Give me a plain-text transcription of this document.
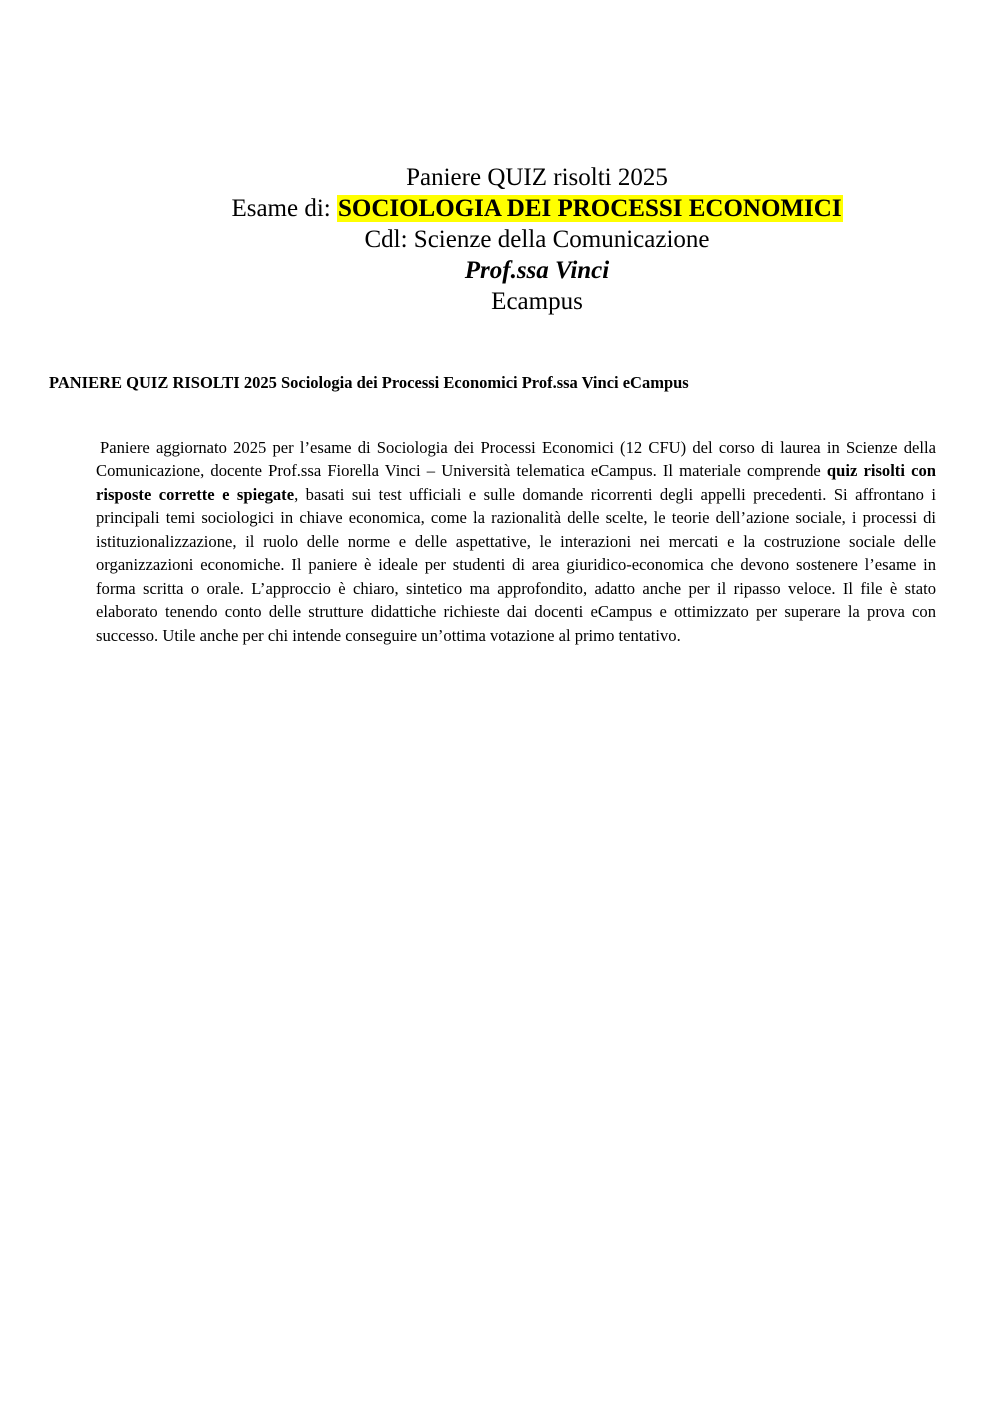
Paniere QUIZ risolti 2025
Esame di: SOCIOLOGIA DEI PROCESSI ECONOMICI
Cdl: Scienze della Comunicazione
Prof.ssa Vinci
Ecampus
PANIERE QUIZ RISOLTI 2025 Sociologia dei Processi Economici Prof.ssa Vinci eCampus

Paniere aggiornato 2025 per l’esame di Sociologia dei Processi Economici (12 CFU) del corso di laurea in Scienze della Comunicazione, docente Prof.ssa Fiorella Vinci – Università telematica eCampus. Il materiale comprende quiz risolti con risposte corrette e spiegate, basati sui test ufficiali e sulle domande ricorrenti degli appelli precedenti. Si affrontano i principali temi sociologici in chiave economica, come la razionalità delle scelte, le teorie dell’azione sociale, i processi di istituzionalizzazione, il ruolo delle norme e delle aspettative, le interazioni nei mercati e la costruzione sociale delle organizzazioni economiche. Il paniere è ideale per studenti di area giuridico-economica che devono sostenere l’esame in forma scritta o orale. L’approccio è chiaro, sintetico ma approfondito, adatto anche per il ripasso veloce. Il file è stato elaborato tenendo conto delle strutture didattiche richieste dai docenti eCampus e ottimizzato per superare la prova con successo. Utile anche per chi intende conseguire un’ottima votazione al primo tentativo.
